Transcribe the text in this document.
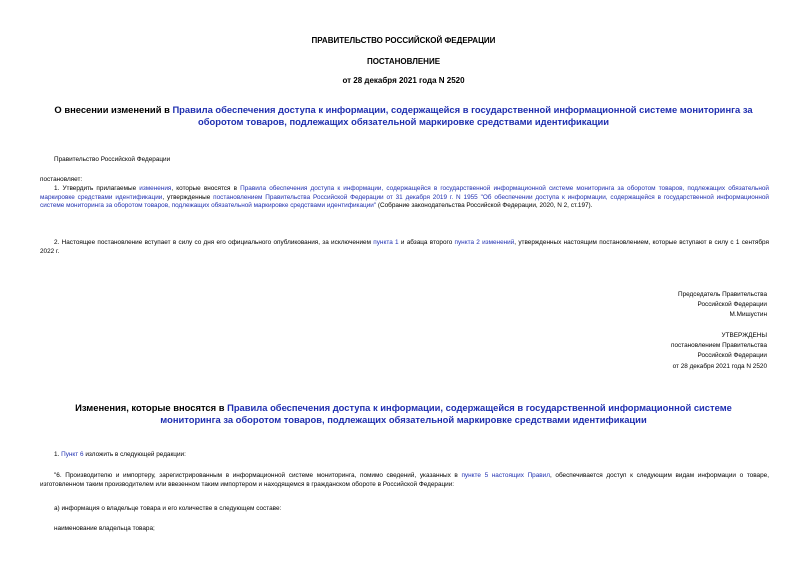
ПРАВИТЕЛЬСТВО РОССИЙСКОЙ ФЕДЕРАЦИИ
ПОСТАНОВЛЕНИЕ
от 28 декабря 2021 года N 2520
О внесении изменений в Правила обеспечения доступа к информации, содержащейся в государственной информационной системе мониторинга за оборотом товаров, подлежащих обязательной маркировке средствами идентификации
Правительство Российской Федерации
постановляет:
1. Утвердить прилагаемые изменения, которые вносятся в Правила обеспечения доступа к информации, содержащейся в государственной информационной системе мониторинга за оборотом товаров, подлежащих обязательной маркировке средствами идентификации, утвержденные постановлением Правительства Российской Федерации от 31 декабря 2019 г. N 1955 "Об обеспечении доступа к информации, содержащейся в государственной информационной системе мониторинга за оборотом товаров, подлежащих обязательной маркировке средствами идентификации" (Собрание законодательства Российской Федерации, 2020, N 2, ст.197).
2. Настоящее постановление вступает в силу со дня его официального опубликования, за исключением пункта 1 и абзаца второго пункта 2 изменений, утвержденных настоящим постановлением, которые вступают в силу с 1 сентября 2022 г.
Председатель Правительства
Российской Федерации
М.Мишустин
УТВЕРЖДЕНЫ
постановлением Правительства
Российской Федерации
от 28 декабря 2021 года N 2520
Изменения, которые вносятся в Правила обеспечения доступа к информации, содержащейся в государственной информационной системе мониторинга за оборотом товаров, подлежащих обязательной маркировке средствами идентификации
1. Пункт 6 изложить в следующей редакции:
"6. Производителю и импортеру, зарегистрированным в информационной системе мониторинга, помимо сведений, указанных в пункте 5 настоящих Правил, обеспечивается доступ к следующим видам информации о товаре, изготовленном таким производителем или ввезенном таким импортером и находящемся в гражданском обороте в Российской Федерации:
а) информация о владельце товара и его количестве в следующем составе:
наименование владельца товара;
